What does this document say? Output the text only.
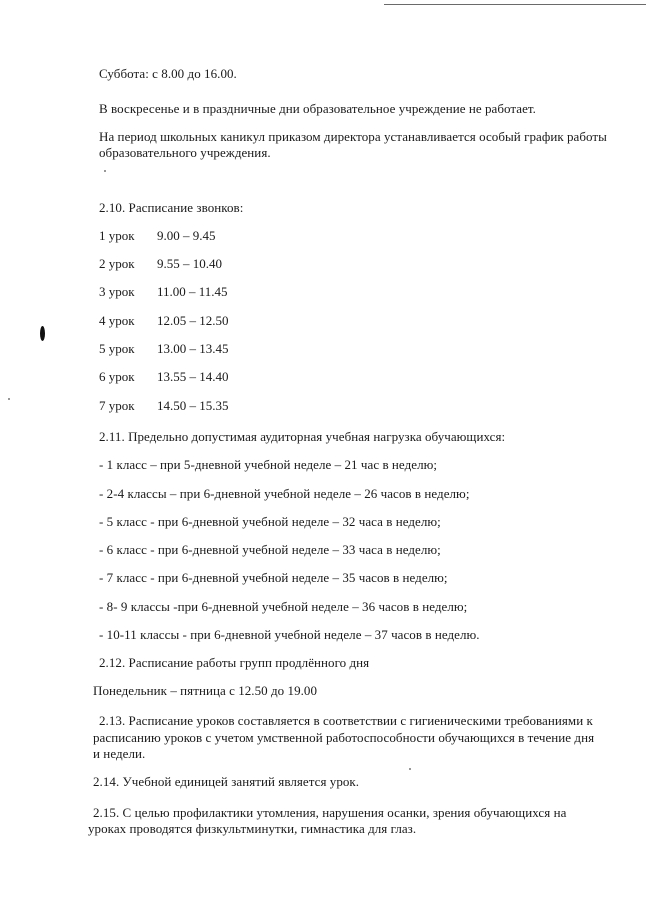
Суббота: с 8.00 до 16.00.
В воскресенье и в праздничные дни образовательное учреждение не работает.
На период школьных каникул приказом директора устанавливается особый график работы
образовательного учреждения.
2.10. Расписание звонков:
1 урок 9.00 – 9.45
2 урок 9.55 – 10.40
3 урок 11.00 – 11.45
4 урок 12.05 – 12.50
5 урок 13.00 – 13.45
6 урок 13.55 – 14.40
7 урок 14.50 – 15.35
2.11. Предельно допустимая аудиторная учебная нагрузка обучающихся:
- 1 класс – при 5-дневной учебной неделе – 21 час в неделю;
- 2-4 классы – при 6-дневной учебной неделе – 26 часов в неделю;
- 5 класс - при 6-дневной учебной неделе – 32 часа в неделю;
- 6 класс - при 6-дневной учебной неделе – 33 часа в неделю;
- 7 класс - при 6-дневной учебной неделе – 35 часов в неделю;
- 8- 9 классы -при 6-дневной учебной неделе – 36 часов в неделю;
- 10-11 классы - при 6-дневной учебной неделе – 37 часов в неделю.
2.12. Расписание работы групп продлённого дня
Понедельник – пятница с 12.50 до 19.00
2.13. Расписание уроков составляется в соответствии с гигиеническими требованиями к
расписанию уроков с учетом умственной работоспособности обучающихся в течение дня
и недели.
2.14. Учебной единицей занятий является урок.
2.15. С целью профилактики утомления, нарушения осанки, зрения обучающихся на
уроках проводятся физкультминутки, гимнастика для глаз.
